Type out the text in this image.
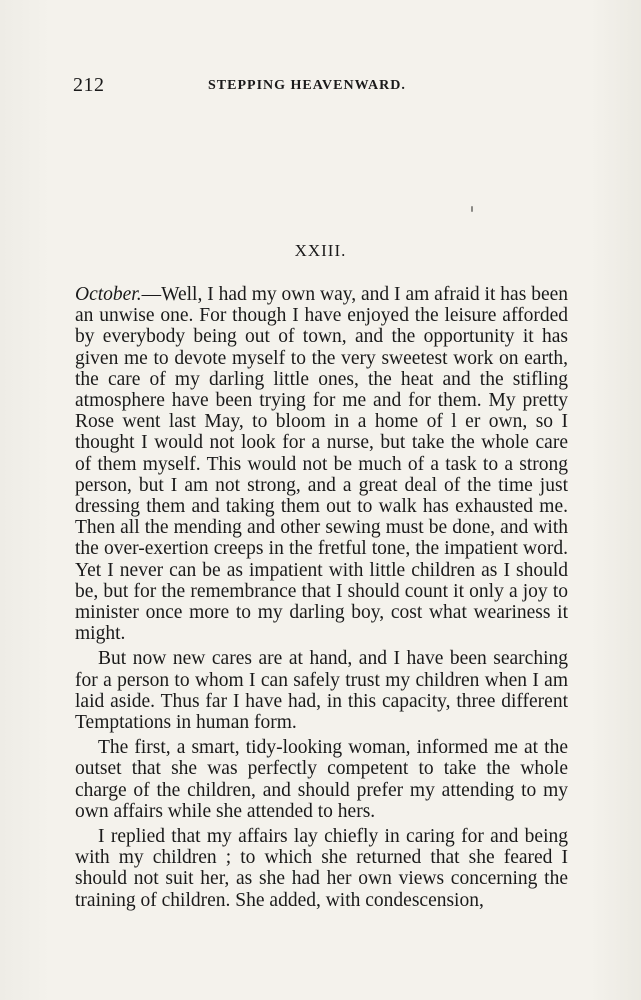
212	STEPPING HEAVENWARD.
XXIII.

October.—Well, I had my own way, and I am afraid it has been an unwise one. For though I have enjoyed the leisure afforded by everybody being out of town, and the opportunity it has given me to devote myself to the very sweetest work on earth, the care of my darling little ones, the heat and the stifling atmosphere have been trying for me and for them. My pretty Rose went last May, to bloom in a home of l er own, so I thought I would not look for a nurse, but take the whole care of them myself. This would not be much of a task to a strong person, but I am not strong, and a great deal of the time just dressing them and taking them out to walk has exhausted me. Then all the mending and other sewing must be done, and with the over-exertion creeps in the fretful tone, the impatient word. Yet I never can be as impatient with little children as I should be, but for the remembrance that I should count it only a joy to minister once more to my darling boy, cost what weariness it might.

But now new cares are at hand, and I have been searching for a person to whom I can safely trust my children when I am laid aside. Thus far I have had, in this capacity, three different Temptations in human form.

The first, a smart, tidy-looking woman, informed me at the outset that she was perfectly competent to take the whole charge of the children, and should prefer my attending to my own affairs while she attended to hers.

I replied that my affairs lay chiefly in caring for and being with my children ; to which she returned that she feared I should not suit her, as she had her own views concerning the training of children. She added, with condescension,
